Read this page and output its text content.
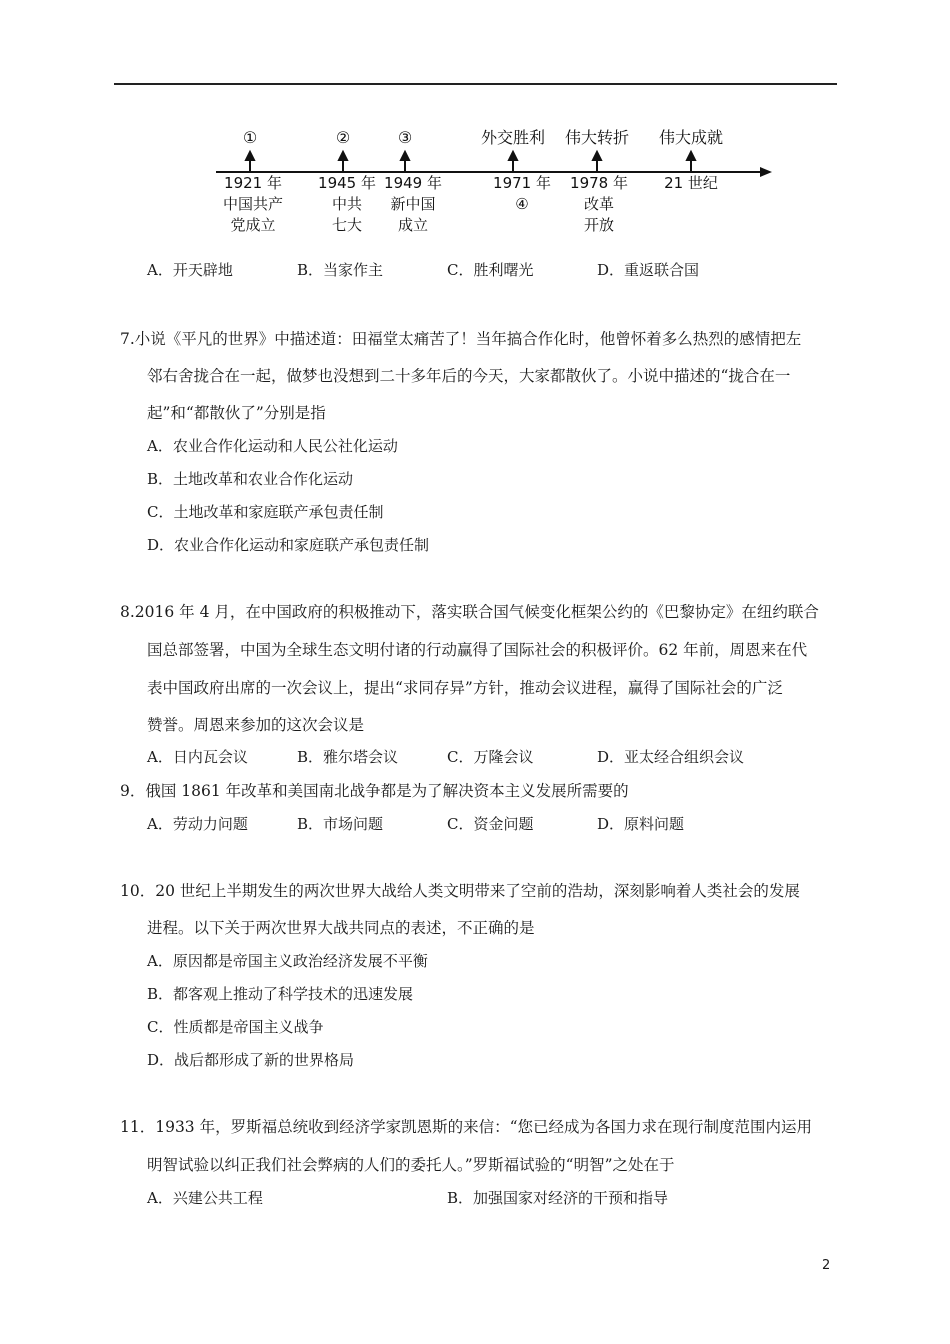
①	②	③	外交胜利 伟大转折 伟大成就
1921 年
中国共产
党成立
1945 年
中共
七大
1949 年
新中国
成立
1971 年
④
1978 年
改革
开放
21 世纪
A．开天辟地	B．当家作主	C．胜利曙光	D．重返联合国
7.小说《平凡的世界》中描述道：田福堂太痛苦了！当年搞合作化时，他曾怀着多么热烈的感情把左
邻右舍拢合在一起，做梦也没想到二十多年后的今天，大家都散伙了。小说中描述的“拢合在一
起”和“都散伙了”分别是指
A．农业合作化运动和人民公社化运动
B．土地改革和农业合作化运动
C．土地改革和家庭联产承包责任制
D．农业合作化运动和家庭联产承包责任制
8.2016 年 4 月，在中国政府的积极推动下，落实联合国气候变化框架公约的《巴黎协定》在纽约联合
国总部签署，中国为全球生态文明付诸的行动赢得了国际社会的积极评价。62 年前，周恩来在代
表中国政府出席的一次会议上，提出“求同存异”方针，推动会议进程，赢得了国际社会的广泛
赞誉。周恩来参加的这次会议是
A．日内瓦会议	B．雅尔塔会议	C．万隆会议	D．亚太经合组织会议
9．俄国 1861 年改革和美国南北战争都是为了解决资本主义发展所需要的
A．劳动力问题	B．市场问题	C．资金问题	D．原料问题
10．20 世纪上半期发生的两次世界大战给人类文明带来了空前的浩劫，深刻影响着人类社会的发展
进程。以下关于两次世界大战共同点的表述，不正确的是
A．原因都是帝国主义政治经济发展不平衡
B．都客观上推动了科学技术的迅速发展
C．性质都是帝国主义战争
D．战后都形成了新的世界格局
11．1933 年，罗斯福总统收到经济学家凯恩斯的来信：“您已经成为各国力求在现行制度范围内运用
明智试验以纠正我们社会弊病的人们的委托人。”罗斯福试验的“明智”之处在于
A．兴建公共工程	B．加强国家对经济的干预和指导
2
